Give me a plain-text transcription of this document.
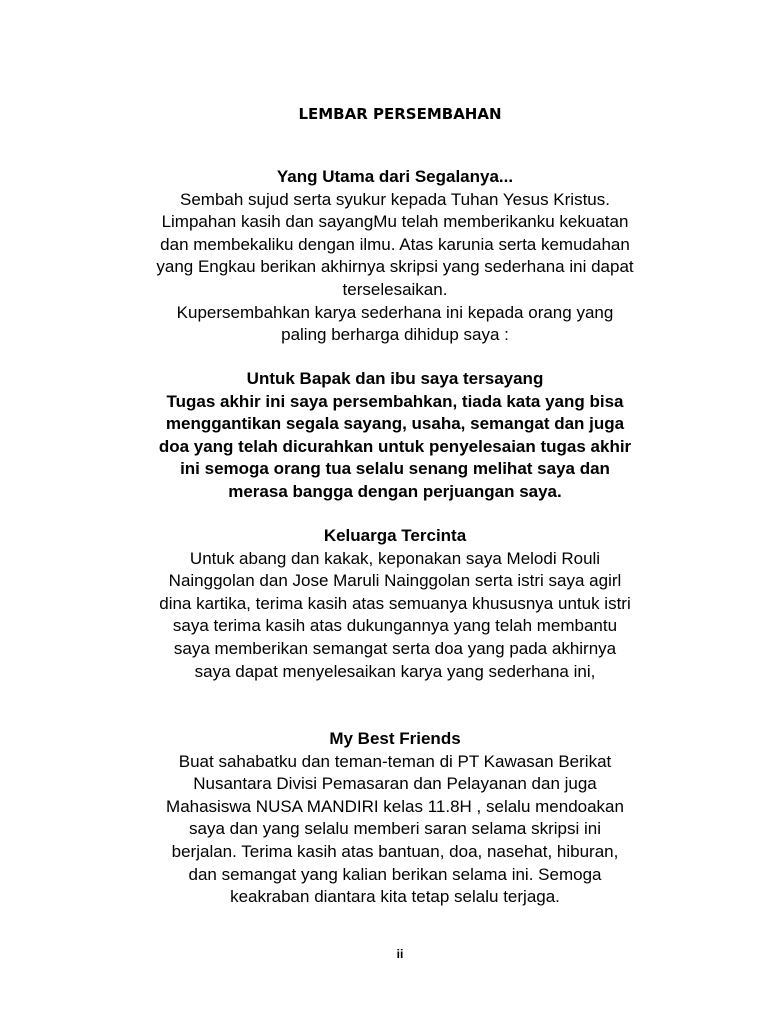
LEMBAR PERSEMBAHAN
Yang Utama dari Segalanya...
Sembah sujud serta syukur kepada Tuhan Yesus Kristus.
Limpahan kasih dan sayangMu telah memberikanku kekuatan
dan membekaliku dengan ilmu. Atas karunia serta kemudahan
yang Engkau berikan akhirnya skripsi yang sederhana ini dapat
terselesaikan.
Kupersembahkan karya sederhana ini kepada orang yang
paling berharga dihidup saya :
Untuk Bapak dan ibu saya tersayang
Tugas akhir ini saya persembahkan, tiada kata yang bisa
menggantikan segala sayang, usaha, semangat dan juga
doa yang telah dicurahkan untuk penyelesaian tugas akhir
ini semoga orang tua selalu senang melihat saya dan
merasa bangga dengan perjuangan saya.
Keluarga Tercinta
Untuk abang dan kakak, keponakan saya Melodi Rouli
Nainggolan dan Jose Maruli Nainggolan serta istri saya agirl
dina kartika, terima kasih atas semuanya khususnya untuk istri
saya terima kasih atas dukungannya yang telah membantu
saya memberikan semangat serta doa yang pada akhirnya
saya dapat menyelesaikan karya yang sederhana ini,
My Best Friends
Buat sahabatku dan teman-teman di PT Kawasan Berikat
Nusantara Divisi Pemasaran dan Pelayanan dan juga
Mahasiswa NUSA MANDIRI kelas 11.8H , selalu mendoakan
saya dan yang selalu memberi saran selama skripsi ini
berjalan. Terima kasih atas bantuan, doa, nasehat, hiburan,
dan semangat yang kalian berikan selama ini. Semoga
keakraban diantara kita tetap selalu terjaga.
ii
